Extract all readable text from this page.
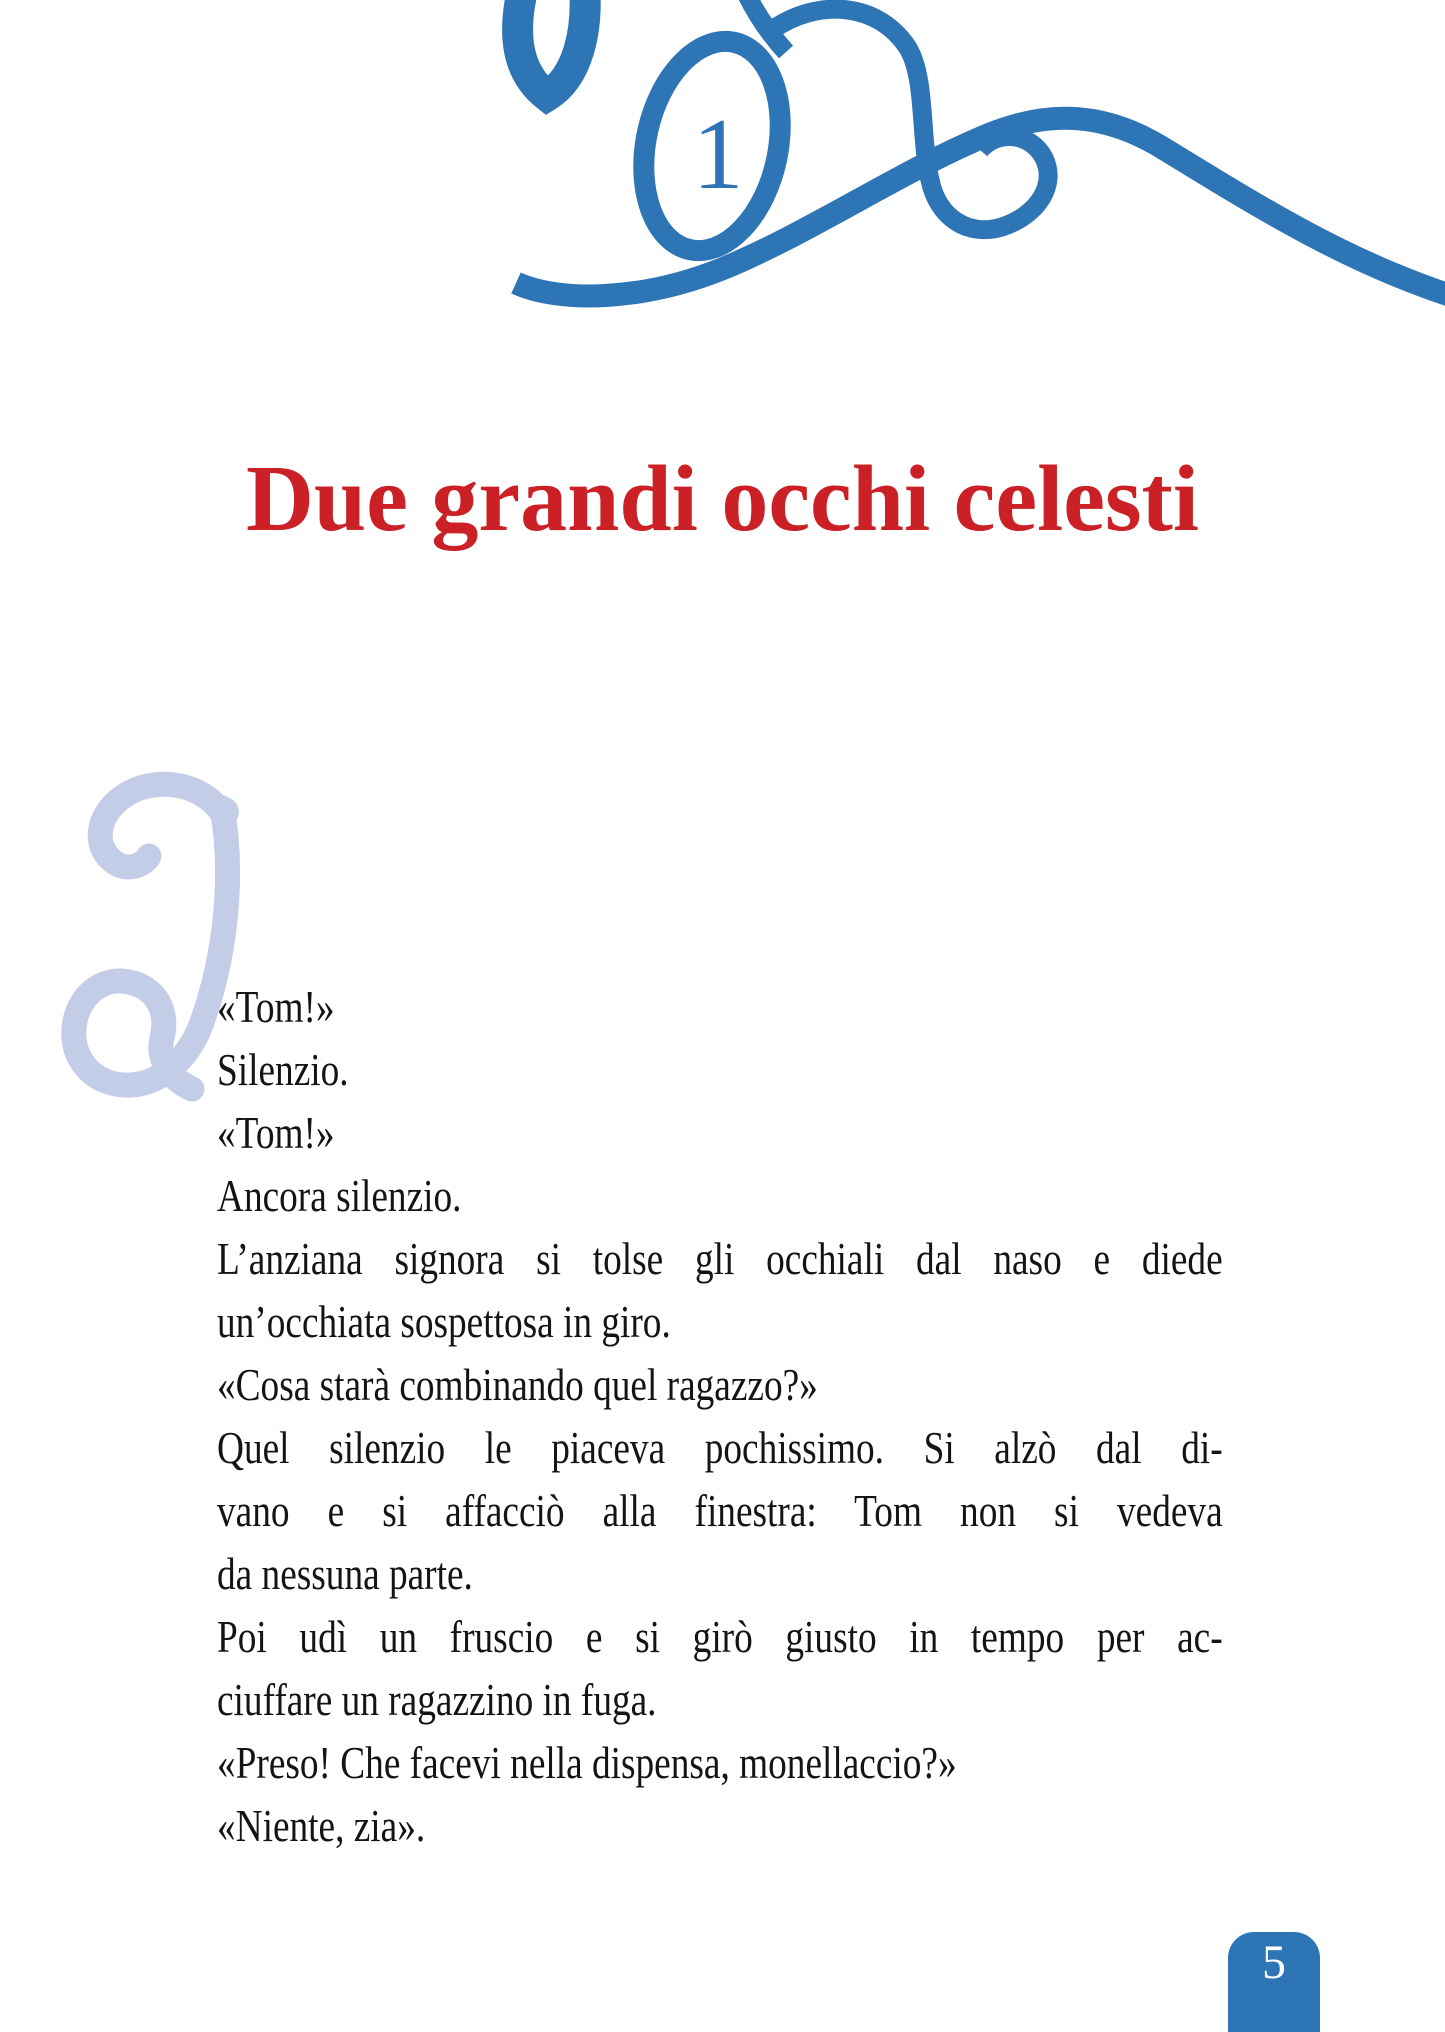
1
Due grandi occhi celesti
«Tom!»
Silenzio.
«Tom!»
Ancora silenzio.
L’anziana signora si tolse gli occhiali dal naso e diede
un’occhiata sospettosa in giro.
«Cosa starà combinando quel ragazzo?»
Quel silenzio le piaceva pochissimo. Si alzò dal di-
vano e si affacciò alla finestra: Tom non si vedeva
da nessuna parte.
Poi udì un fruscio e si girò giusto in tempo per ac-
ciuffare un ragazzino in fuga.
«Preso! Che facevi nella dispensa, monellaccio?»
«Niente, zia».
5
